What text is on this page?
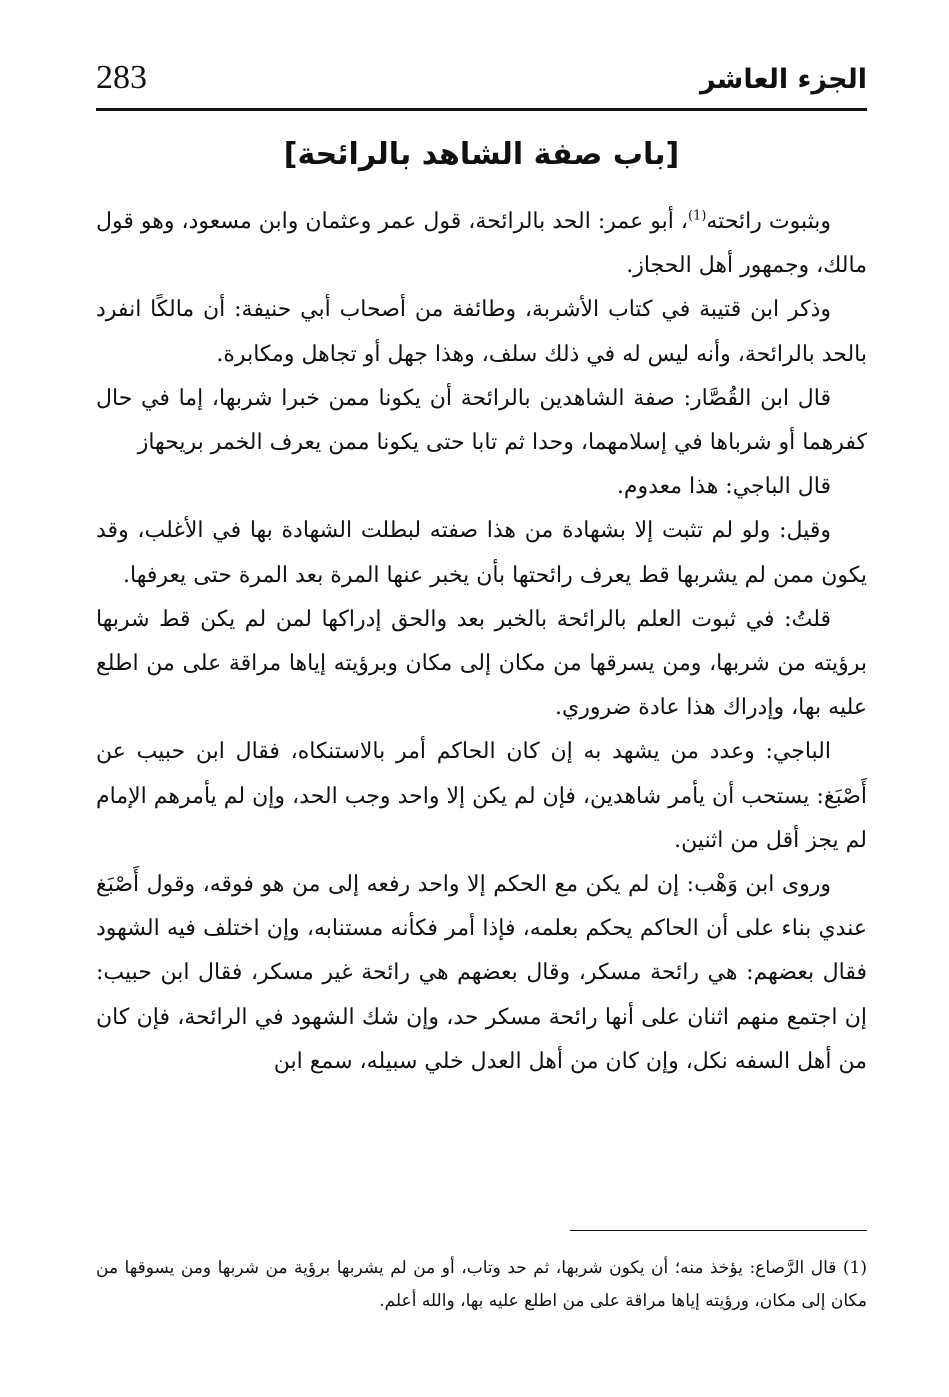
الجزء العاشر
283
[باب صفة الشاهد بالرائحة]

وبثبوت رائحته$^{(1)}$، أبو عمر: الحد بالرائحة، قول عمر وعثمان وابن مسعود، وهو قول مالك، وجمهور أهل الحجاز.

وذكر ابن قتيبة في كتاب الأشربة، وطائفة من أصحاب أبي حنيفة: أن مالكًا انفرد بالحد بالرائحة، وأنه ليس له في ذلك سلف، وهذا جهل أو تجاهل ومكابرة.

قال ابن القُصَّار: صفة الشاهدين بالرائحة أن يكونا ممن خبرا شربها، إما في حال كفرهما أو شرباها في إسلامهما، وحدا ثم تابا حتى يكونا ممن يعرف الخمر بريحهاز

قال الباجي: هذا معدوم.

وقيل: ولو لم تثبت إلا بشهادة من هذا صفته لبطلت الشهادة بها في الأغلب، وقد يكون ممن لم يشربها قط يعرف رائحتها بأن يخبر عنها المرة بعد المرة حتى يعرفها.

قلتُ: في ثبوت العلم بالرائحة بالخبر بعد والحق إدراكها لمن لم يكن قط شربها برؤيته من شربها، ومن يسرقها من مكان إلى مكان وبرؤيته إياها مراقة على من اطلع عليه بها، وإدراك هذا عادة ضروري.

الباجي: وعدد من يشهد به إن كان الحاكم أمر بالاستنكاه، فقال ابن حبيب عن أَصْبَغ: يستحب أن يأمر شاهدين، فإن لم يكن إلا واحد وجب الحد، وإن لم يأمرهم الإمام لم يجز أقل من اثنين.

وروى ابن وَهْب: إن لم يكن مع الحكم إلا واحد رفعه إلى من هو فوقه، وقول أَصْبَغ عندي بناء على أن الحاكم يحكم بعلمه، فإذا أمر فكأنه مستنابه، وإن اختلف فيه الشهود فقال بعضهم: هي رائحة مسكر، وقال بعضهم هي رائحة غير مسكر، فقال ابن حبيب: إن اجتمع منهم اثنان على أنها رائحة مسكر حد، وإن شك الشهود في الرائحة، فإن كان من أهل السفه نكل، وإن كان من أهل العدل خلي سبيله، سمع ابن

(1) قال الرَّصاع: يؤخذ منه؛ أن يكون شربها، ثم حد وتاب، أو من لم يشربها برؤية من شربها ومن يسوقها من مكان إلى مكان، ورؤيته إياها مراقة على من اطلع عليه بها، والله أعلم.
